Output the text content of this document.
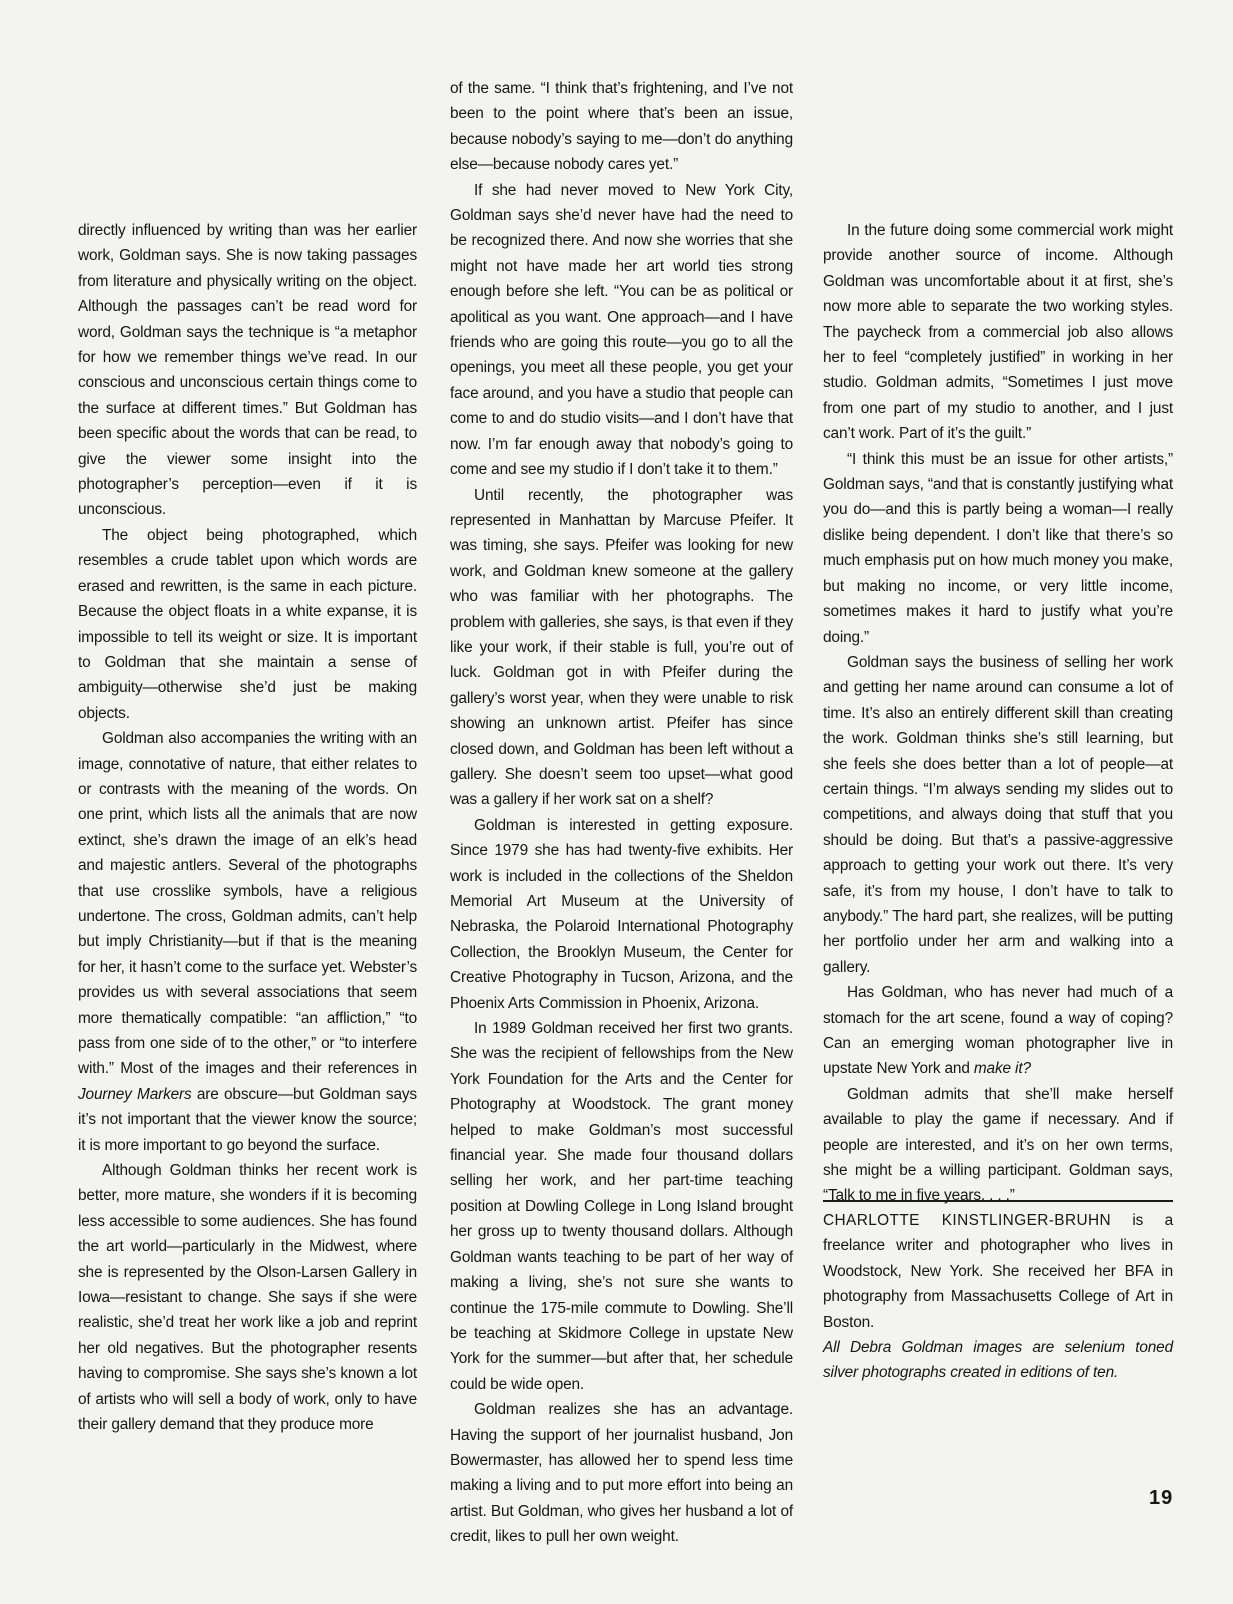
directly influenced by writing than was her earlier work, Goldman says. She is now taking passages from literature and physically writing on the object. Although the passages can’t be read word for word, Goldman says the technique is “a metaphor for how we remember things we’ve read. In our conscious and unconscious certain things come to the surface at different times.” But Goldman has been specific about the words that can be read, to give the viewer some insight into the photographer’s perception—even if it is unconscious.

The object being photographed, which resembles a crude tablet upon which words are erased and rewritten, is the same in each picture. Because the object floats in a white expanse, it is impossible to tell its weight or size. It is important to Goldman that she maintain a sense of ambiguity—otherwise she’d just be making objects.

Goldman also accompanies the writing with an image, connotative of nature, that either relates to or contrasts with the meaning of the words. On one print, which lists all the animals that are now extinct, she’s drawn the image of an elk’s head and majestic antlers. Several of the photographs that use crosslike symbols, have a religious undertone. The cross, Goldman admits, can’t help but imply Christianity—but if that is the meaning for her, it hasn’t come to the surface yet. Webster’s provides us with several associations that seem more thematically compatible: “an affliction,” “to pass from one side of to the other,” or “to interfere with.” Most of the images and their references in Journey Markers are obscure—but Goldman says it’s not important that the viewer know the source; it is more important to go beyond the surface.

Although Goldman thinks her recent work is better, more mature, she wonders if it is becoming less accessible to some audiences. She has found the art world—particularly in the Midwest, where she is represented by the Olson-Larsen Gallery in Iowa—resistant to change. She says if she were realistic, she’d treat her work like a job and reprint her old negatives. But the photographer resents having to compromise. She says she’s known a lot of artists who will sell a body of work, only to have their gallery demand that they produce more

of the same. “I think that’s frightening, and I’ve not been to the point where that’s been an issue, because nobody’s saying to me—don’t do anything else—because nobody cares yet.”

If she had never moved to New York City, Goldman says she’d never have had the need to be recognized there. And now she worries that she might not have made her art world ties strong enough before she left. “You can be as political or apolitical as you want. One approach—and I have friends who are going this route—you go to all the openings, you meet all these people, you get your face around, and you have a studio that people can come to and do studio visits—and I don’t have that now. I’m far enough away that nobody’s going to come and see my studio if I don’t take it to them.”

Until recently, the photographer was represented in Manhattan by Marcuse Pfeifer. It was timing, she says. Pfeifer was looking for new work, and Goldman knew someone at the gallery who was familiar with her photographs. The problem with galleries, she says, is that even if they like your work, if their stable is full, you’re out of luck. Goldman got in with Pfeifer during the gallery’s worst year, when they were unable to risk showing an unknown artist. Pfeifer has since closed down, and Goldman has been left without a gallery. She doesn’t seem too upset—what good was a gallery if her work sat on a shelf?

Goldman is interested in getting exposure. Since 1979 she has had twenty-five exhibits. Her work is included in the collections of the Sheldon Memorial Art Museum at the University of Nebraska, the Polaroid International Photography Collection, the Brooklyn Museum, the Center for Creative Photography in Tucson, Arizona, and the Phoenix Arts Commission in Phoenix, Arizona.

In 1989 Goldman received her first two grants. She was the recipient of fellowships from the New York Foundation for the Arts and the Center for Photography at Woodstock. The grant money helped to make Goldman’s most successful financial year. She made four thousand dollars selling her work, and her part-time teaching position at Dowling College in Long Island brought her gross up to twenty thousand dollars. Although Goldman wants teaching to be part of her way of making a living, she’s not sure she wants to continue the 175-mile commute to Dowling. She’ll be teaching at Skidmore College in upstate New York for the summer—but after that, her schedule could be wide open.

Goldman realizes she has an advantage. Having the support of her journalist husband, Jon Bowermaster, has allowed her to spend less time making a living and to put more effort into being an artist. But Goldman, who gives her husband a lot of credit, likes to pull her own weight.

In the future doing some commercial work might provide another source of income. Although Goldman was uncomfortable about it at first, she’s now more able to separate the two working styles. The paycheck from a commercial job also allows her to feel “completely justified” in working in her studio. Goldman admits, “Sometimes I just move from one part of my studio to another, and I just can’t work. Part of it’s the guilt.”

“I think this must be an issue for other artists,” Goldman says, “and that is constantly justifying what you do—and this is partly being a woman—I really dislike being dependent. I don’t like that there’s so much emphasis put on how much money you make, but making no income, or very little income, sometimes makes it hard to justify what you’re doing.”

Goldman says the business of selling her work and getting her name around can consume a lot of time. It’s also an entirely different skill than creating the work. Goldman thinks she’s still learning, but she feels she does better than a lot of people—at certain things. “I’m always sending my slides out to competitions, and always doing that stuff that you should be doing. But that’s a passive-aggressive approach to getting your work out there. It’s very safe, it’s from my house, I don’t have to talk to anybody.” The hard part, she realizes, will be putting her portfolio under her arm and walking into a gallery.

Has Goldman, who has never had much of a stomach for the art scene, found a way of coping? Can an emerging woman photographer live in upstate New York and make it?

Goldman admits that she’ll make herself available to play the game if necessary. And if people are interested, and it’s on her own terms, she might be a willing participant. Goldman says, “Talk to me in five years. . . .”

CHARLOTTE KINSTLINGER-BRUHN is a freelance writer and photographer who lives in Woodstock, New York. She received her BFA in photography from Massachusetts College of Art in Boston.

All Debra Goldman images are selenium toned silver photographs created in editions of ten.
19
